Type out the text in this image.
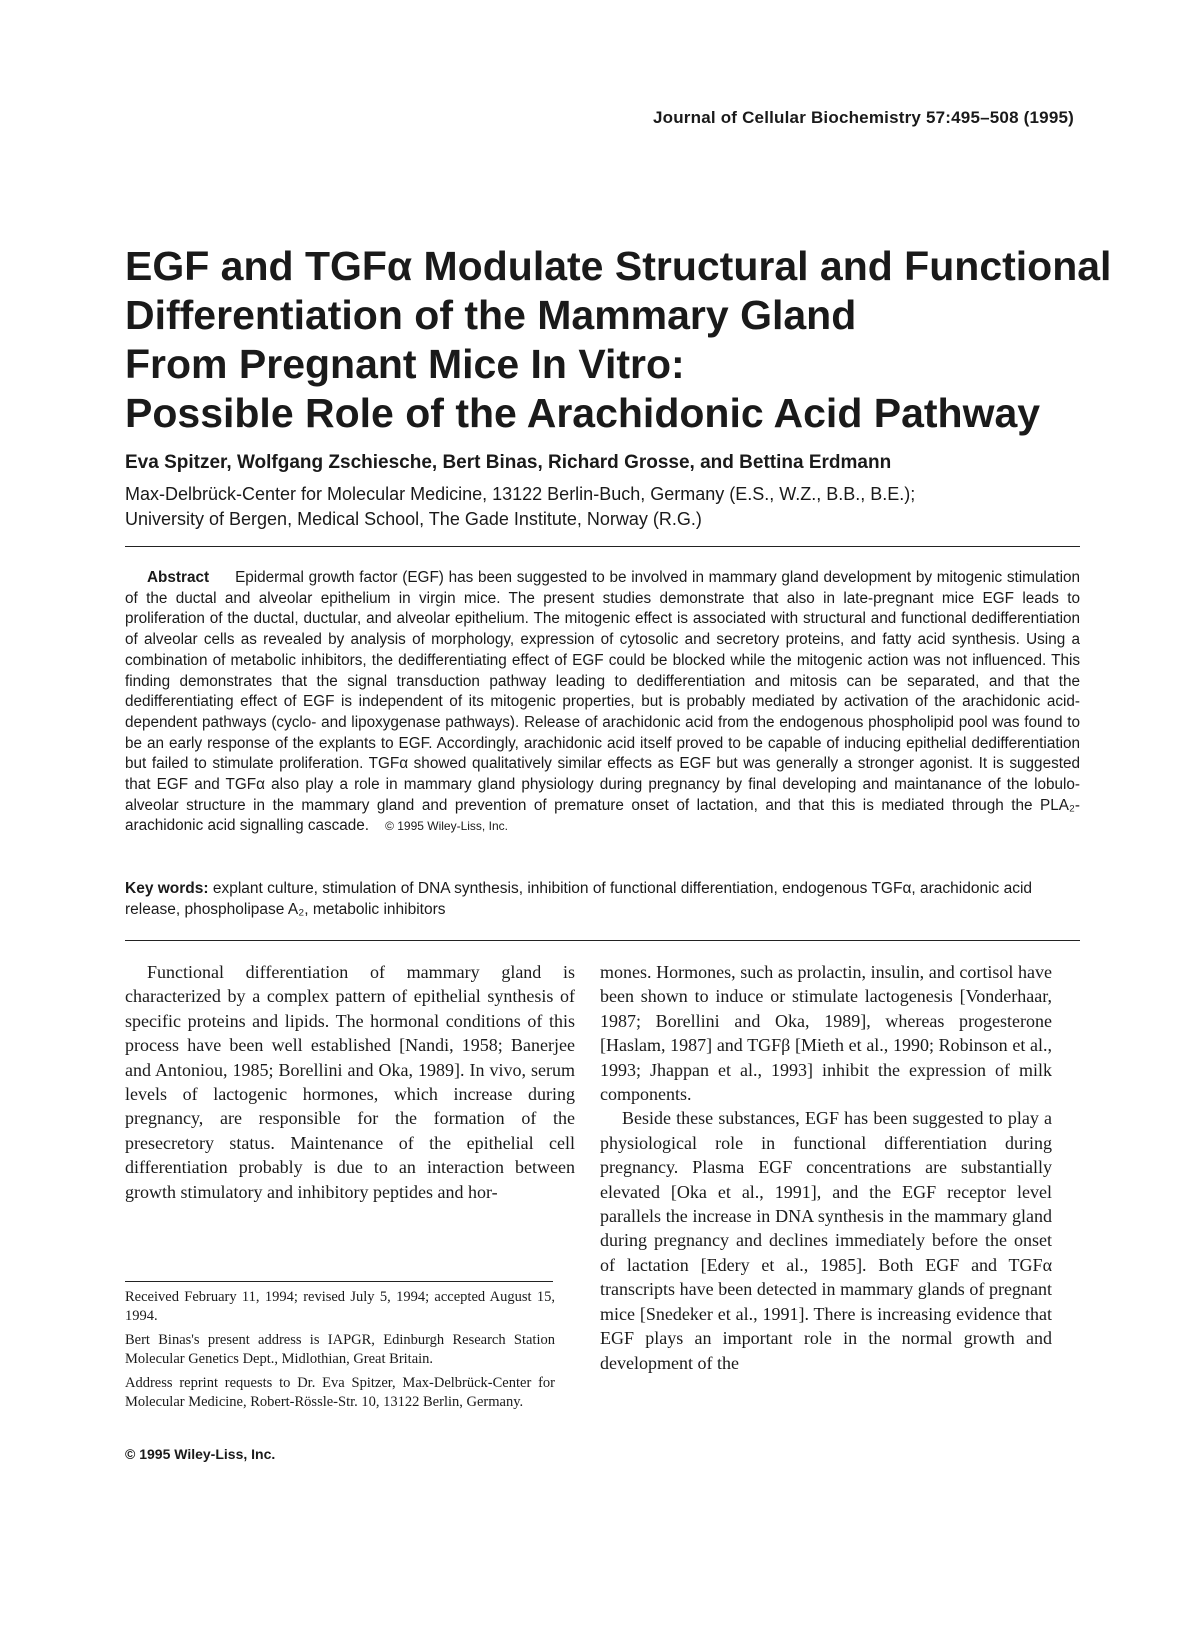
Journal of Cellular Biochemistry 57:495–508 (1995)
EGF and TGFα Modulate Structural and Functional
Differentiation of the Mammary Gland
From Pregnant Mice In Vitro:
Possible Role of the Arachidonic Acid Pathway
Eva Spitzer, Wolfgang Zschiesche, Bert Binas, Richard Grosse, and Bettina Erdmann
Max-Delbrück-Center for Molecular Medicine, 13122 Berlin-Buch, Germany (E.S., W.Z., B.B., B.E.);
University of Bergen, Medical School, The Gade Institute, Norway (R.G.)

Abstract Epidermal growth factor (EGF) has been suggested to be involved in mammary gland development by mitogenic stimulation of the ductal and alveolar epithelium in virgin mice. The present studies demonstrate that also in late-pregnant mice EGF leads to proliferation of the ductal, ductular, and alveolar epithelium. The mitogenic effect is associated with structural and functional dedifferentiation of alveolar cells as revealed by analysis of morphology, expression of cytosolic and secretory proteins, and fatty acid synthesis. Using a combination of metabolic inhibitors, the dedifferentiating effect of EGF could be blocked while the mitogenic action was not influenced. This finding demonstrates that the signal transduction pathway leading to dedifferentiation and mitosis can be separated, and that the dedifferentiating effect of EGF is independent of its mitogenic properties, but is probably mediated by activation of the arachidonic acid-dependent pathways (cyclo- and lipoxygenase pathways). Release of arachidonic acid from the endogenous phospholipid pool was found to be an early response of the explants to EGF. Accordingly, arachidonic acid itself proved to be capable of inducing epithelial dedifferentiation but failed to stimulate proliferation. TGFα showed qualitatively similar effects as EGF but was generally a stronger agonist. It is suggested that EGF and TGFα also play a role in mammary gland physiology during pregnancy by final developing and maintanance of the lobulo-alveolar structure in the mammary gland and prevention of premature onset of lactation, and that this is mediated through the PLA₂-arachidonic acid signalling cascade. © 1995 Wiley-Liss, Inc.

Key words: explant culture, stimulation of DNA synthesis, inhibition of functional differentiation, endogenous TGFα, arachidonic acid release, phospholipase A₂, metabolic inhibitors

Functional differentiation of mammary gland is characterized by a complex pattern of epithelial synthesis of specific proteins and lipids. The hormonal conditions of this process have been well established [Nandi, 1958; Banerjee and Antoniou, 1985; Borellini and Oka, 1989]. In vivo, serum levels of lactogenic hormones, which increase during pregnancy, are responsible for the formation of the presecretory status. Maintenance of the epithelial cell differentiation probably is due to an interaction between growth stimulatory and inhibitory peptides and hor-

mones. Hormones, such as prolactin, insulin, and cortisol have been shown to induce or stimulate lactogenesis [Vonderhaar, 1987; Borellini and Oka, 1989], whereas progesterone [Haslam, 1987] and TGFβ [Mieth et al., 1990; Robinson et al., 1993; Jhappan et al., 1993] inhibit the expression of milk components.

Beside these substances, EGF has been suggested to play a physiological role in functional differentiation during pregnancy. Plasma EGF concentrations are substantially elevated [Oka et al., 1991], and the EGF receptor level parallels the increase in DNA synthesis in the mammary gland during pregnancy and declines immediately before the onset of lactation [Edery et al., 1985]. Both EGF and TGFα transcripts have been detected in mammary glands of pregnant mice [Snedeker et al., 1991]. There is increasing evidence that EGF plays an important role in the normal growth and development of the

Received February 11, 1994; revised July 5, 1994; accepted August 15, 1994.

Bert Binas's present address is IAPGR, Edinburgh Research Station Molecular Genetics Dept., Midlothian, Great Britain.

Address reprint requests to Dr. Eva Spitzer, Max-Delbrück-Center for Molecular Medicine, Robert-Rössle-Str. 10, 13122 Berlin, Germany.

© 1995 Wiley-Liss, Inc.
